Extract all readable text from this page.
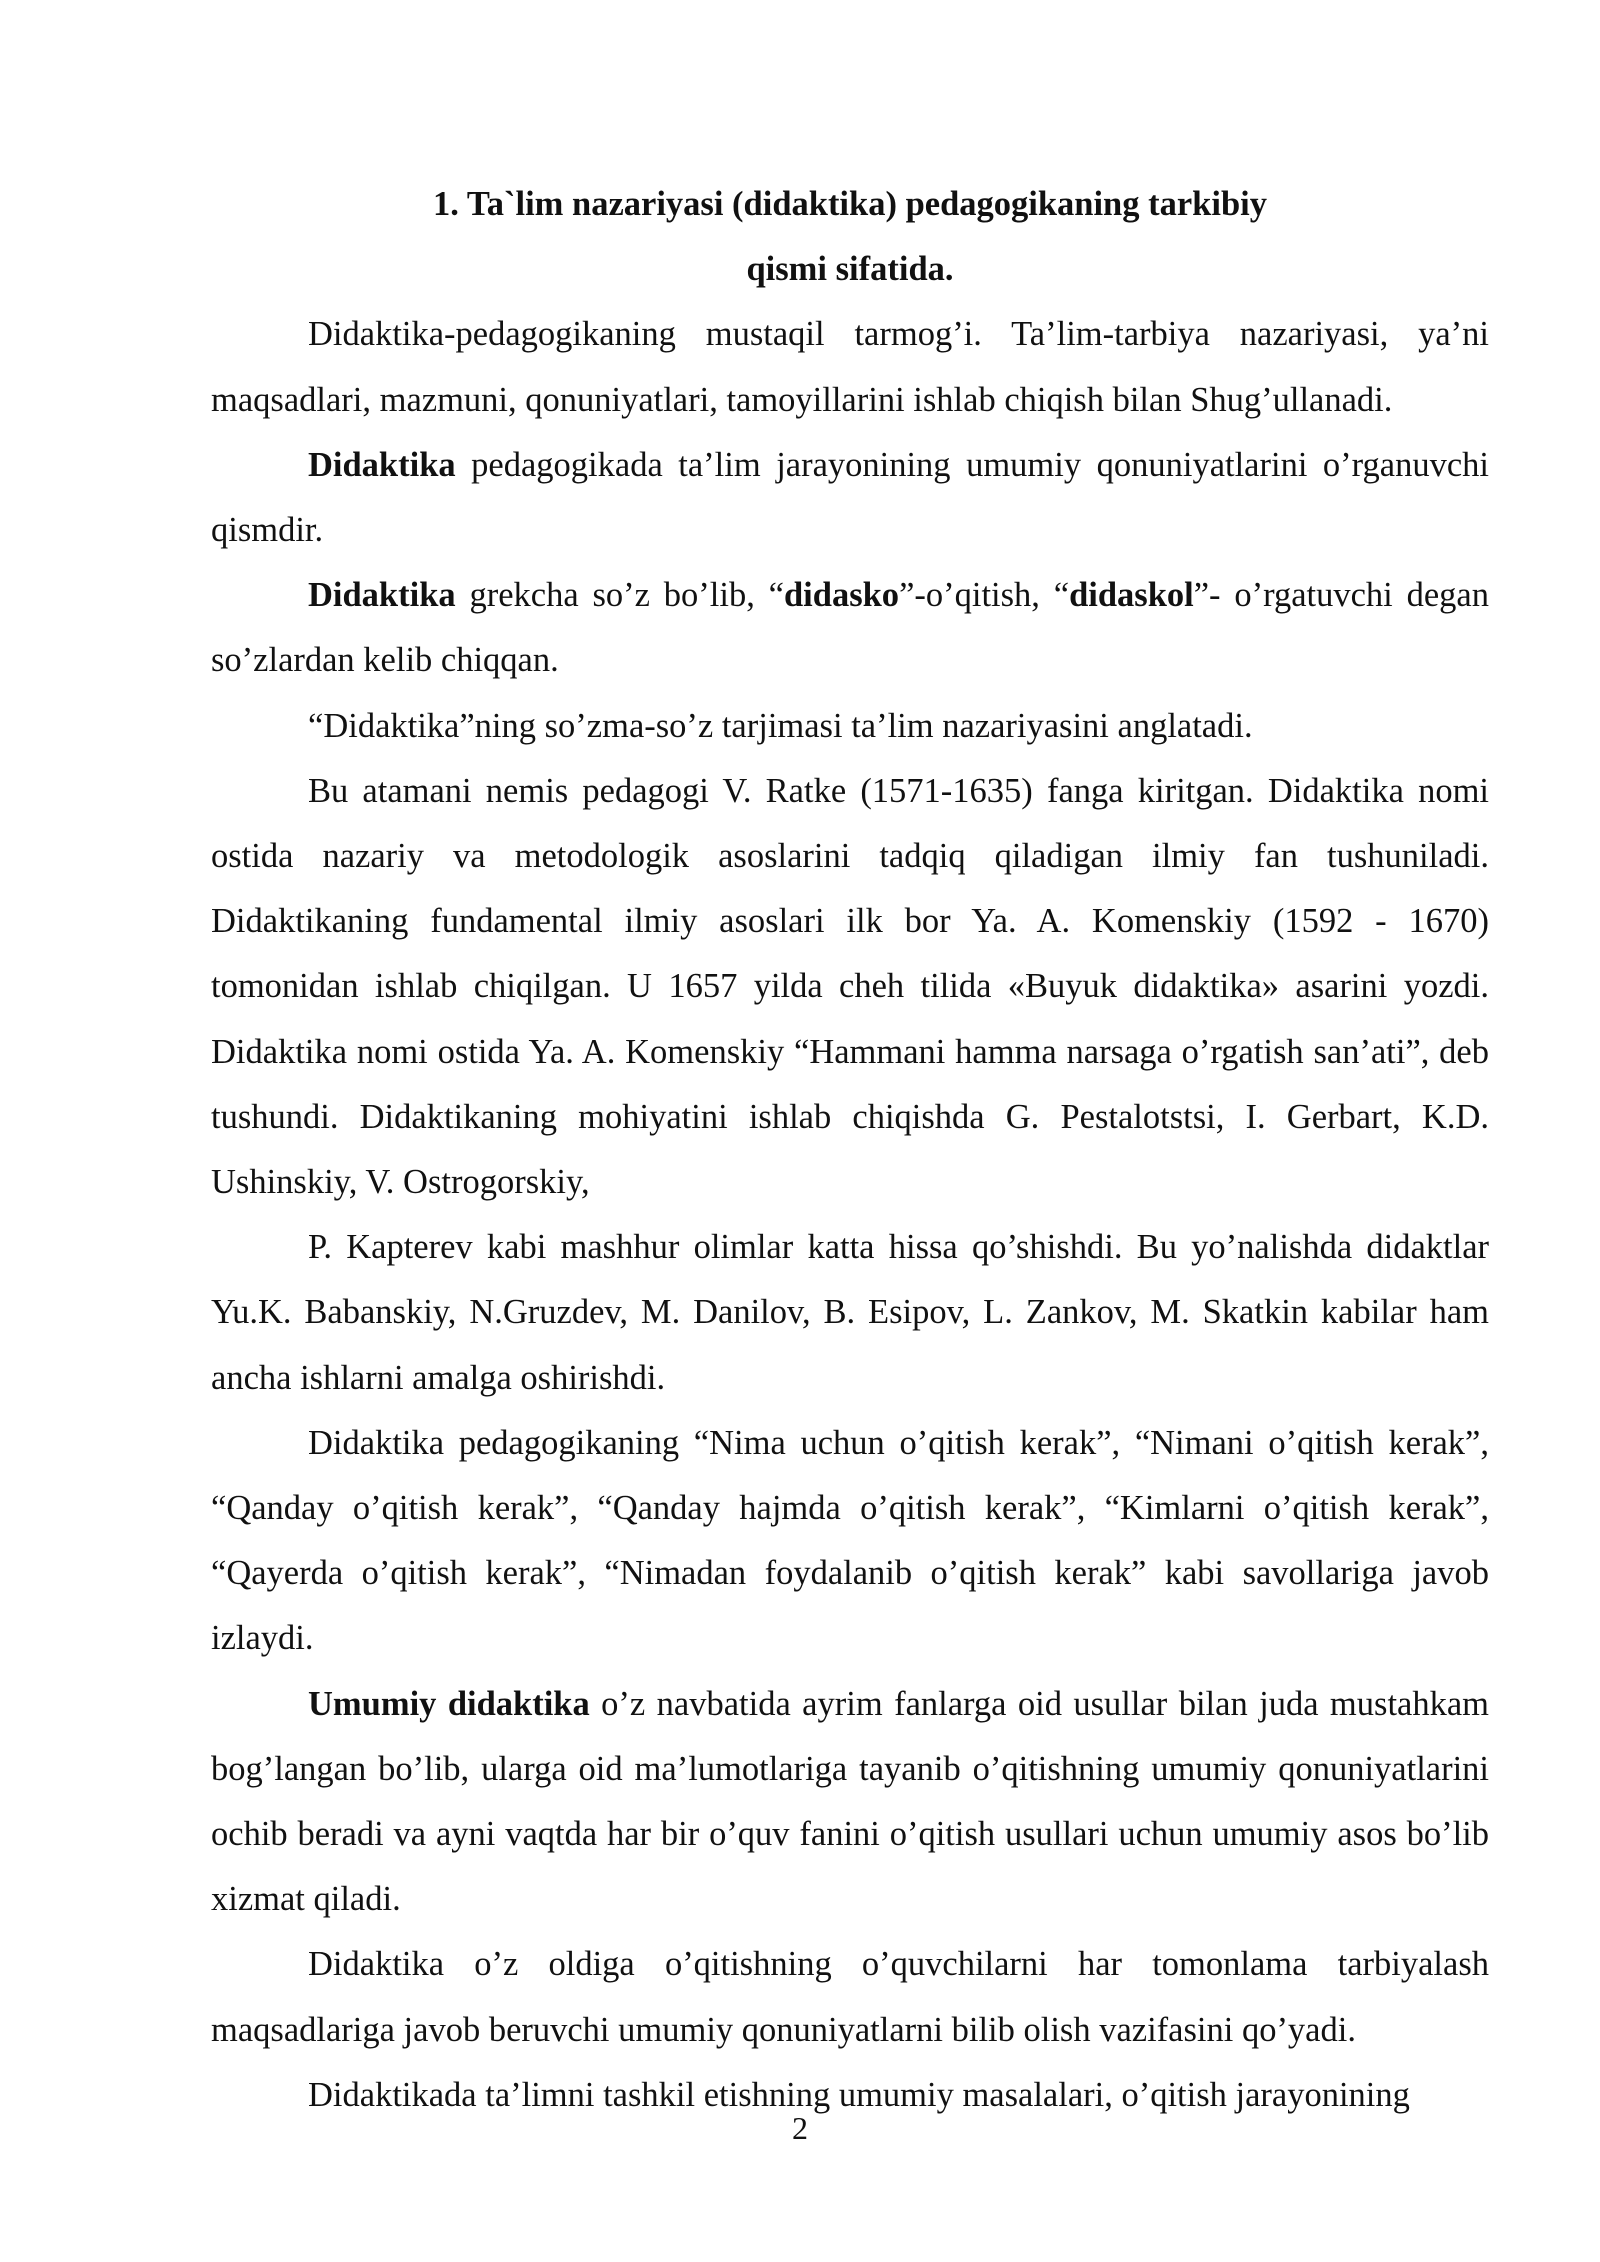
1. Ta`lim nazariyasi (didaktika) pedagogikaning tarkibiy
qismi sifatida.

Didaktika-pedagogikaning mustaqil tarmog’i. Ta’lim-tarbiya nazariyasi, ya’ni maqsadlari, mazmuni, qonuniyatlari, tamoyillarini ishlab chiqish bilan Shug’ullanadi.

Didaktika pedagogikada ta’lim jarayonining umumiy qonuniyatlarini o’rganuvchi qismdir.

Didaktika grekcha so’z bo’lib, “didasko”-o’qitish, “didaskol”- o’rgatuvchi degan so’zlardan kelib chiqqan.

“Didaktika”ning so’zma-so’z tarjimasi ta’lim nazariyasini anglatadi.

Bu atamani nemis pedagogi V. Ratke (1571-1635) fanga kiritgan. Didaktika nomi ostida nazariy va metodologik asoslarini tadqiq qiladigan ilmiy fan tushuniladi. Didaktikaning fundamental ilmiy asoslari ilk bor Ya. A. Komenskiy (1592 - 1670) tomonidan ishlab chiqilgan. U 1657 yilda cheh tilida «Buyuk didaktika» asarini yozdi. Didaktika nomi ostida Ya. A. Komenskiy “Hammani hamma narsaga o’rgatish san’ati”, deb tushundi. Didaktikaning mohiyatini ishlab chiqishda G. Pestalotstsi, I. Gerbart, K.D. Ushinskiy, V. Ostrogorskiy,

P. Kapterev kabi mashhur olimlar katta hissa qo’shishdi. Bu yo’nalishda didaktlar Yu.K. Babanskiy, N.Gruzdev, M. Danilov, B. Esipov, L. Zankov, M. Skatkin kabilar ham ancha ishlarni amalga oshirishdi.

Didaktika pedagogikaning “Nima uchun o’qitish kerak”, “Nimani o’qitish kerak”, “Qanday o’qitish kerak”, “Qanday hajmda o’qitish kerak”, “Kimlarni o’qitish kerak”, “Qayerda o’qitish kerak”, “Nimadan foydalanib o’qitish kerak” kabi savollariga javob izlaydi.

Umumiy didaktika o’z navbatida ayrim fanlarga oid usullar bilan juda mustahkam bog’langan bo’lib, ularga oid ma’lumotlariga tayanib o’qitishning umumiy qonuniyatlarini ochib beradi va ayni vaqtda har bir o’quv fanini o’qitish usullari uchun umumiy asos bo’lib xizmat qiladi.

Didaktika o’z oldiga o’qitishning o’quvchilarni har tomonlama tarbiyalash maqsadlariga javob beruvchi umumiy qonuniyatlarni bilib olish vazifasini qo’yadi.

Didaktikada ta’limni tashkil etishning umumiy masalalari, o’qitish jarayonining

2
